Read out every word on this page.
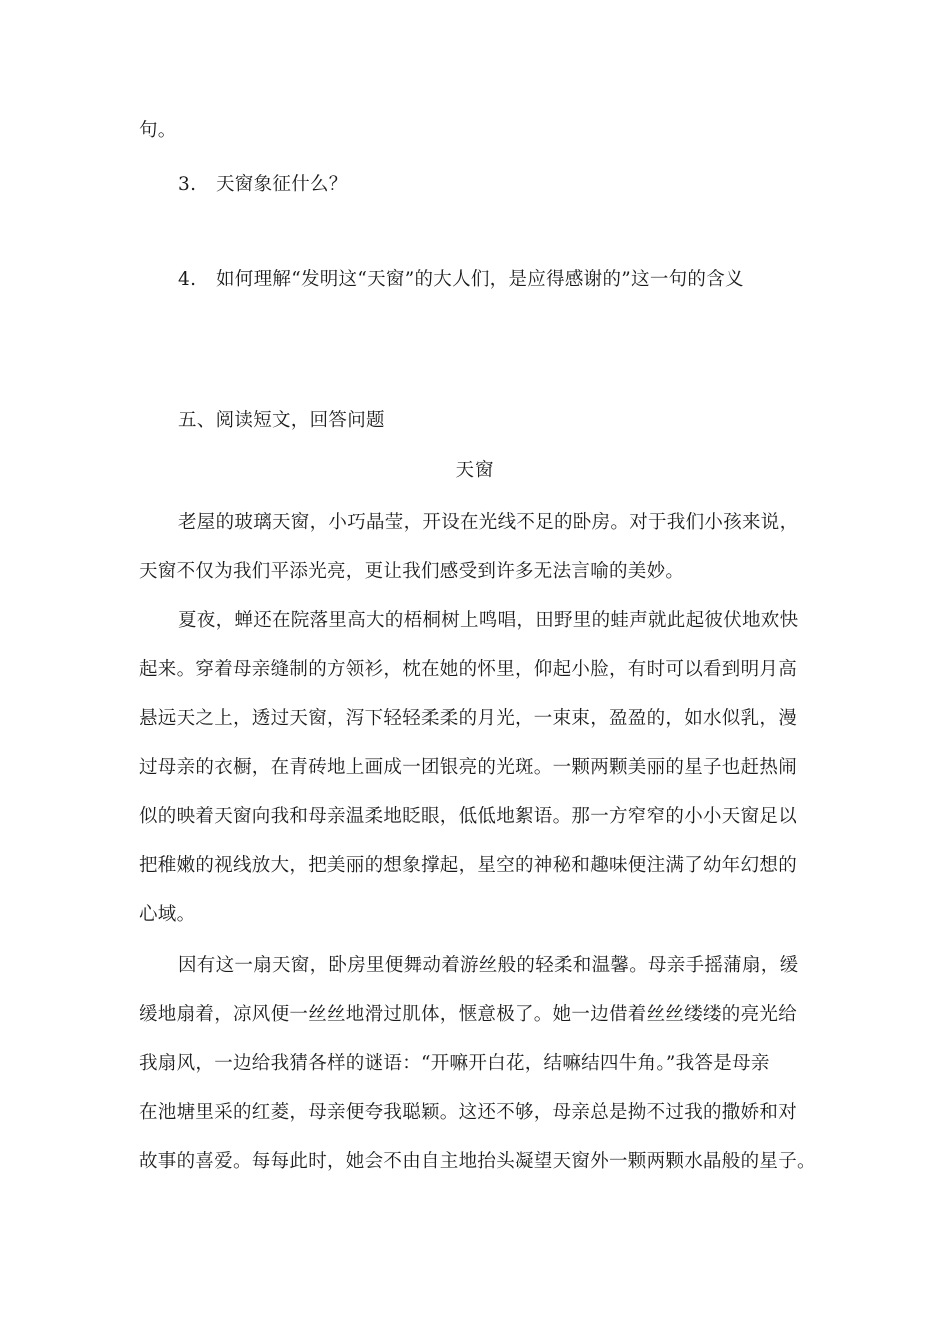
句。
3. 天窗象征什么？
4. 如何理解“发明这“天窗”的大人们，是应得感谢的”这一句的含义
五、阅读短文，回答问题
天窗
老屋的玻璃天窗，小巧晶莹，开设在光线不足的卧房。对于我们小孩来说，
天窗不仅为我们平添光亮，更让我们感受到许多无法言喻的美妙。
夏夜，蝉还在院落里高大的梧桐树上鸣唱，田野里的蛙声就此起彼伏地欢快
起来。穿着母亲缝制的方领衫，枕在她的怀里，仰起小脸，有时可以看到明月高
悬远天之上，透过天窗，泻下轻轻柔柔的月光，一束束，盈盈的，如水似乳，漫
过母亲的衣橱，在青砖地上画成一团银亮的光斑。一颗两颗美丽的星子也赶热闹
似的映着天窗向我和母亲温柔地眨眼，低低地絮语。那一方窄窄的小小天窗足以
把稚嫩的视线放大，把美丽的想象撑起，星空的神秘和趣味便注满了幼年幻想的
心域。
因有这一扇天窗，卧房里便舞动着游丝般的轻柔和温馨。母亲手摇蒲扇，缓
缓地扇着，凉风便一丝丝地滑过肌体，惬意极了。她一边借着丝丝缕缕的亮光给
我扇风，一边给我猜各样的谜语：“开嘛开白花，结嘛结四牛角。”我答是母亲
在池塘里采的红菱，母亲便夸我聪颖。这还不够，母亲总是拗不过我的撒娇和对
故事的喜爱。每每此时，她会不由自主地抬头凝望天窗外一颗两颗水晶般的星子。
